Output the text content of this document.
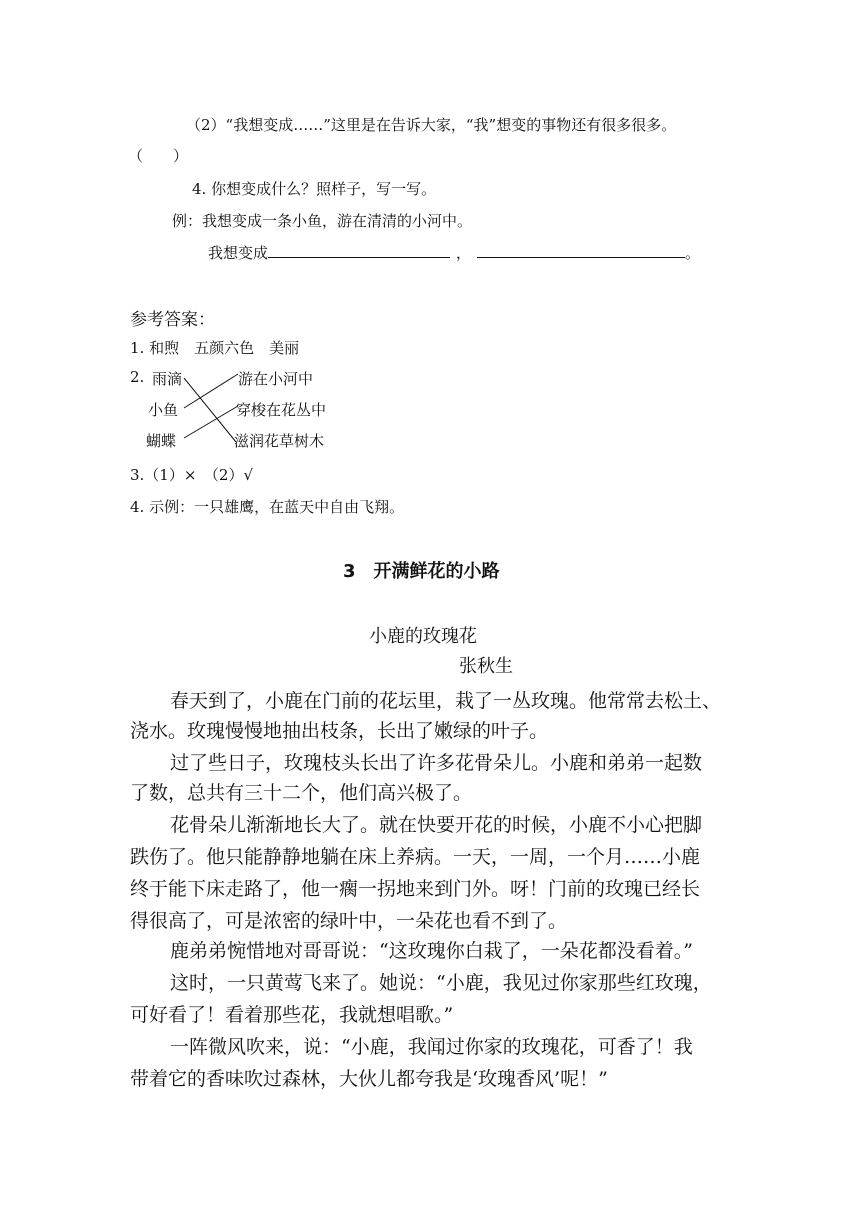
（2）“我想变成……”这里是在告诉大家，“我”想变的事物还有很多很多。
（　　）
4. 你想变成什么？照样子，写一写。
例：我想变成一条小鱼，游在清清的小河中。
我想变成	，	。
参考答案：
1. 和煦　五颜六色　美丽
2. 雨滴
小鱼
蝴蝶
游在小河中
穿梭在花丛中
滋润花草树木
3.（1）×　（2）√
4. 示例：一只雄鹰，在蓝天中自由飞翔。
3　开满鲜花的小路
小鹿的玫瑰花
张秋生
春天到了，小鹿在门前的花坛里，栽了一丛玫瑰。他常常去松土、
浇水。玫瑰慢慢地抽出枝条，长出了嫩绿的叶子。
过了些日子，玫瑰枝头长出了许多花骨朵儿。小鹿和弟弟一起数
了数，总共有三十二个，他们高兴极了。
花骨朵儿渐渐地长大了。就在快要开花的时候，小鹿不小心把脚
跌伤了。他只能静静地躺在床上养病。一天，一周，一个月……小鹿
终于能下床走路了，他一瘸一拐地来到门外。呀！门前的玫瑰已经长
得很高了，可是浓密的绿叶中，一朵花也看不到了。
鹿弟弟惋惜地对哥哥说：“这玫瑰你白栽了，一朵花都没看着。”
这时，一只黄莺飞来了。她说：“小鹿，我见过你家那些红玫瑰，
可好看了！看着那些花，我就想唱歌。”
一阵微风吹来，说：“小鹿，我闻过你家的玫瑰花，可香了！我
带着它的香味吹过森林，大伙儿都夸我是‘玫瑰香风’呢！”
